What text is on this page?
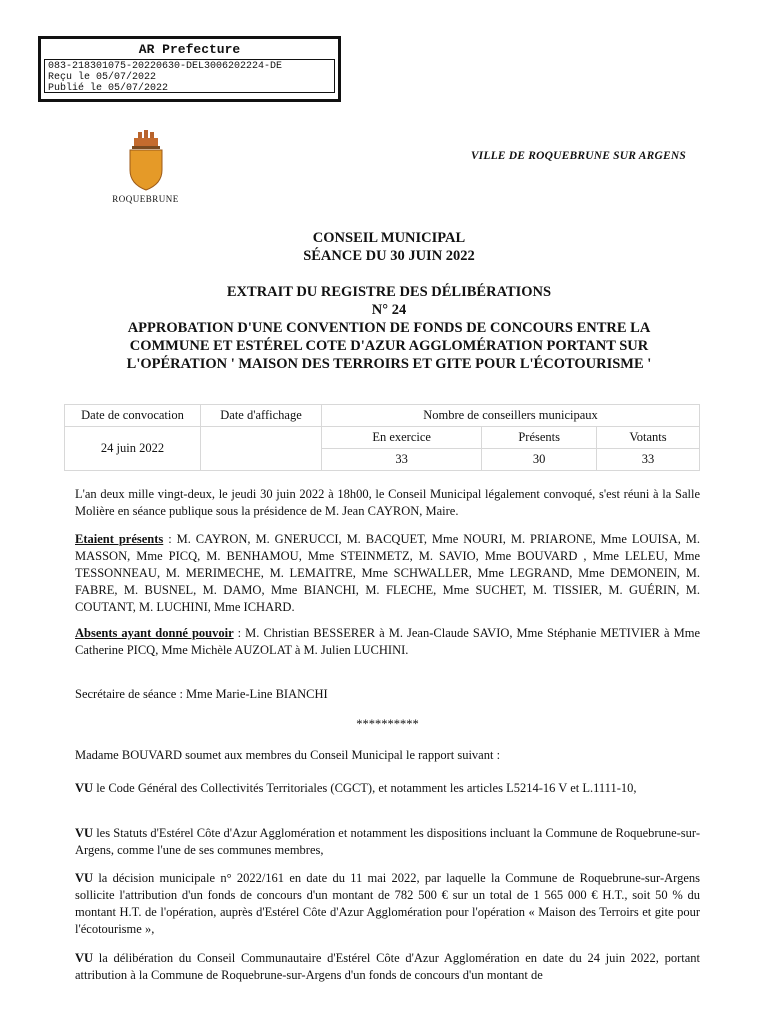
AR Prefecture
083-218301075-20220630-DEL3006202224-DE
Reçu le 05/07/2022
Publié le 05/07/2022
ROQUEBRUNE
VILLE DE ROQUEBRUNE SUR ARGENS
CONSEIL MUNICIPAL
SÉANCE DU 30 JUIN 2022
EXTRAIT DU REGISTRE DES DÉLIBÉRATIONS
N° 24
APPROBATION D'UNE CONVENTION DE FONDS DE CONCOURS ENTRE LA
COMMUNE ET ESTÉREL COTE D'AZUR AGGLOMÉRATION PORTANT SUR
L'OPÉRATION ' MAISON DES TERROIRS ET GITE POUR L'ÉCOTOURISME '
Date de convocation	Date d'affichage	Nombre de conseillers municipaux		
24 juin 2022		En exercice	Présents	Votants
		33	30	33
L'an deux mille vingt-deux, le jeudi 30 juin 2022 à 18h00, le Conseil Municipal légalement convoqué, s'est réuni à la Salle Molière en séance publique sous la présidence de M. Jean CAYRON, Maire.
Etaient présents : M. CAYRON, M. GNERUCCI, M. BACQUET, Mme NOURI, M. PRIARONE, Mme LOUISA, M. MASSON, Mme PICQ, M. BENHAMOU, Mme STEINMETZ, M. SAVIO, Mme BOUVARD , Mme LELEU, Mme TESSONNEAU, M. MERIMECHE, M. LEMAITRE, Mme SCHWALLER, Mme LEGRAND, Mme DEMONEIN, M. FABRE, M. BUSNEL, M. DAMO, Mme BIANCHI, M. FLECHE, Mme SUCHET, M. TISSIER, M. GUÉRIN, M. COUTANT, M. LUCHINI, Mme ICHARD.
Absents ayant donné pouvoir : M. Christian BESSERER à M. Jean-Claude SAVIO, Mme Stéphanie METIVIER à Mme Catherine PICQ, Mme Michèle AUZOLAT à M. Julien LUCHINI.
Secrétaire de séance : Mme Marie-Line BIANCHI
**********
Madame BOUVARD soumet aux membres du Conseil Municipal le rapport suivant :
VU le Code Général des Collectivités Territoriales (CGCT), et notamment les articles L5214-16 V et L.1111-10,
VU les Statuts d'Estérel Côte d'Azur Agglomération et notamment les dispositions incluant la Commune de Roquebrune-sur-Argens, comme l'une de ses communes membres,
VU la décision municipale n° 2022/161 en date du 11 mai 2022, par laquelle la Commune de Roquebrune-sur-Argens sollicite l'attribution d'un fonds de concours d'un montant de 782 500 € sur un total de 1 565 000 € H.T., soit 50 % du montant H.T. de l'opération, auprès d'Estérel Côte d'Azur Agglomération pour l'opération « Maison des Terroirs et gite pour l'écotourisme »,
VU la délibération du Conseil Communautaire d'Estérel Côte d'Azur Agglomération en date du 24 juin 2022, portant attribution à la Commune de Roquebrune-sur-Argens d'un fonds de concours d'un montant de
